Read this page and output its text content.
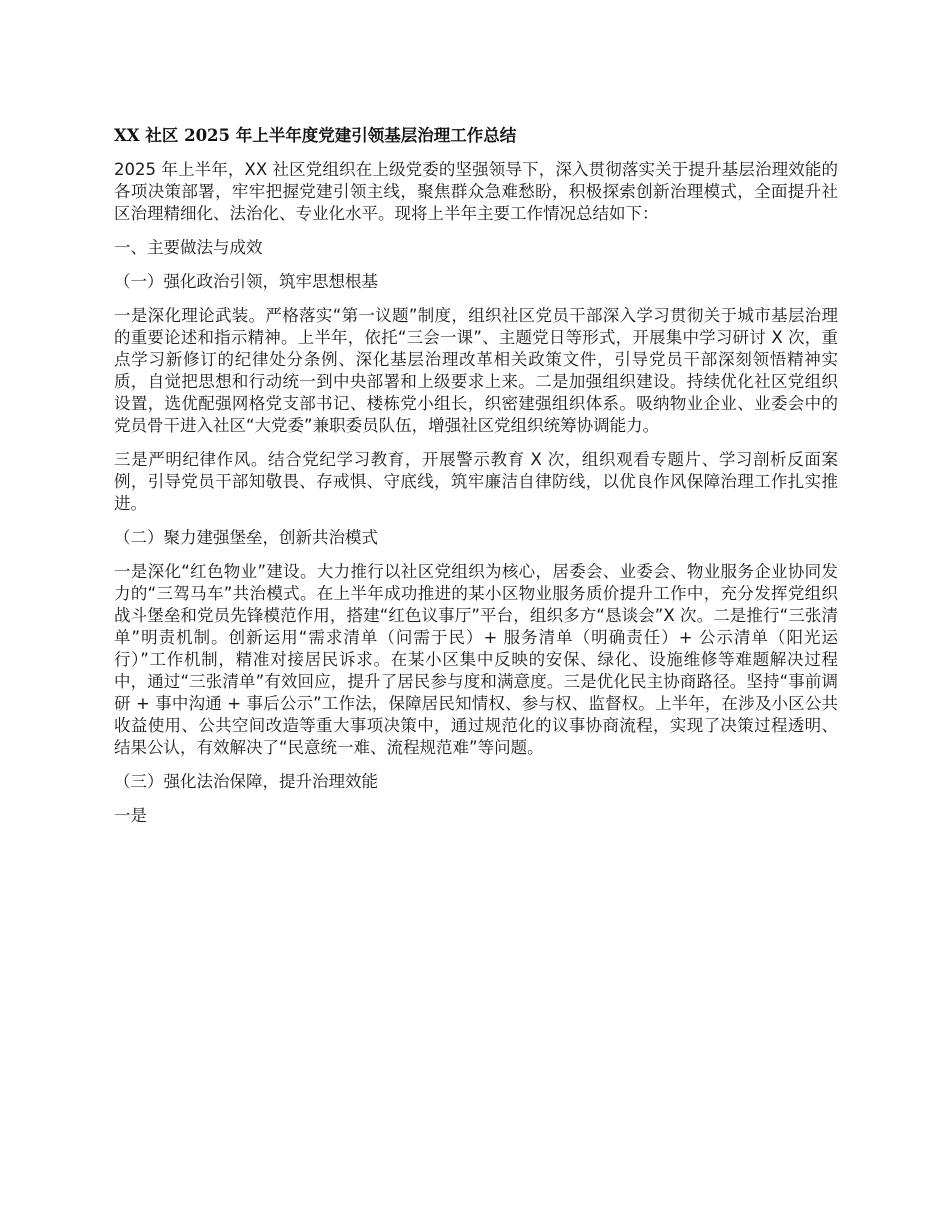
XX 社区 2025 年上半年度党建引领基层治理工作总结
2025 年上半年，XX 社区党组织在上级党委的坚强领导下，深入贯彻落实关于提升基层治理效能的各项决策部署，牢牢把握党建引领主线，聚焦群众急难愁盼，积极探索创新治理模式，全面提升社区治理精细化、法治化、专业化水平。现将上半年主要工作情况总结如下：
一、主要做法与成效
（一）强化政治引领，筑牢思想根基
一是深化理论武装。严格落实“第一议题”制度，组织社区党员干部深入学习贯彻关于城市基层治理的重要论述和指示精神。上半年，依托“三会一课”、主题党日等形式，开展集中学习研讨 X 次，重点学习新修订的纪律处分条例、深化基层治理改革相关政策文件，引导党员干部深刻领悟精神实质，自觉把思想和行动统一到中央部署和上级要求上来。二是加强组织建设。持续优化社区党组织设置，选优配强网格党支部书记、楼栋党小组长，织密建强组织体系。吸纳物业企业、业委会中的党员骨干进入社区“大党委”兼职委员队伍，增强社区党组织统筹协调能力。
三是严明纪律作风。结合党纪学习教育，开展警示教育 X 次，组织观看专题片、学习剖析反面案例，引导党员干部知敬畏、存戒惧、守底线，筑牢廉洁自律防线，以优良作风保障治理工作扎实推进。
（二）聚力建强堡垒，创新共治模式
一是深化“红色物业”建设。大力推行以社区党组织为核心，居委会、业委会、物业服务企业协同发力的“三驾马车”共治模式。在上半年成功推进的某小区物业服务质价提升工作中，充分发挥党组织战斗堡垒和党员先锋模范作用，搭建“红色议事厅”平台，组织多方“恳谈会”X 次。二是推行“三张清单”明责机制。创新运用“需求清单（问需于民）+ 服务清单（明确责任）+ 公示清单（阳光运行）”工作机制，精准对接居民诉求。在某小区集中反映的安保、绿化、设施维修等难题解决过程中，通过“三张清单”有效回应，提升了居民参与度和满意度。三是优化民主协商路径。坚持“事前调研 + 事中沟通 + 事后公示”工作法，保障居民知情权、参与权、监督权。上半年，在涉及小区公共收益使用、公共空间改造等重大事项决策中，通过规范化的议事协商流程，实现了决策过程透明、结果公认，有效解决了“民意统一难、流程规范难”等问题。
（三）强化法治保障，提升治理效能
一是
